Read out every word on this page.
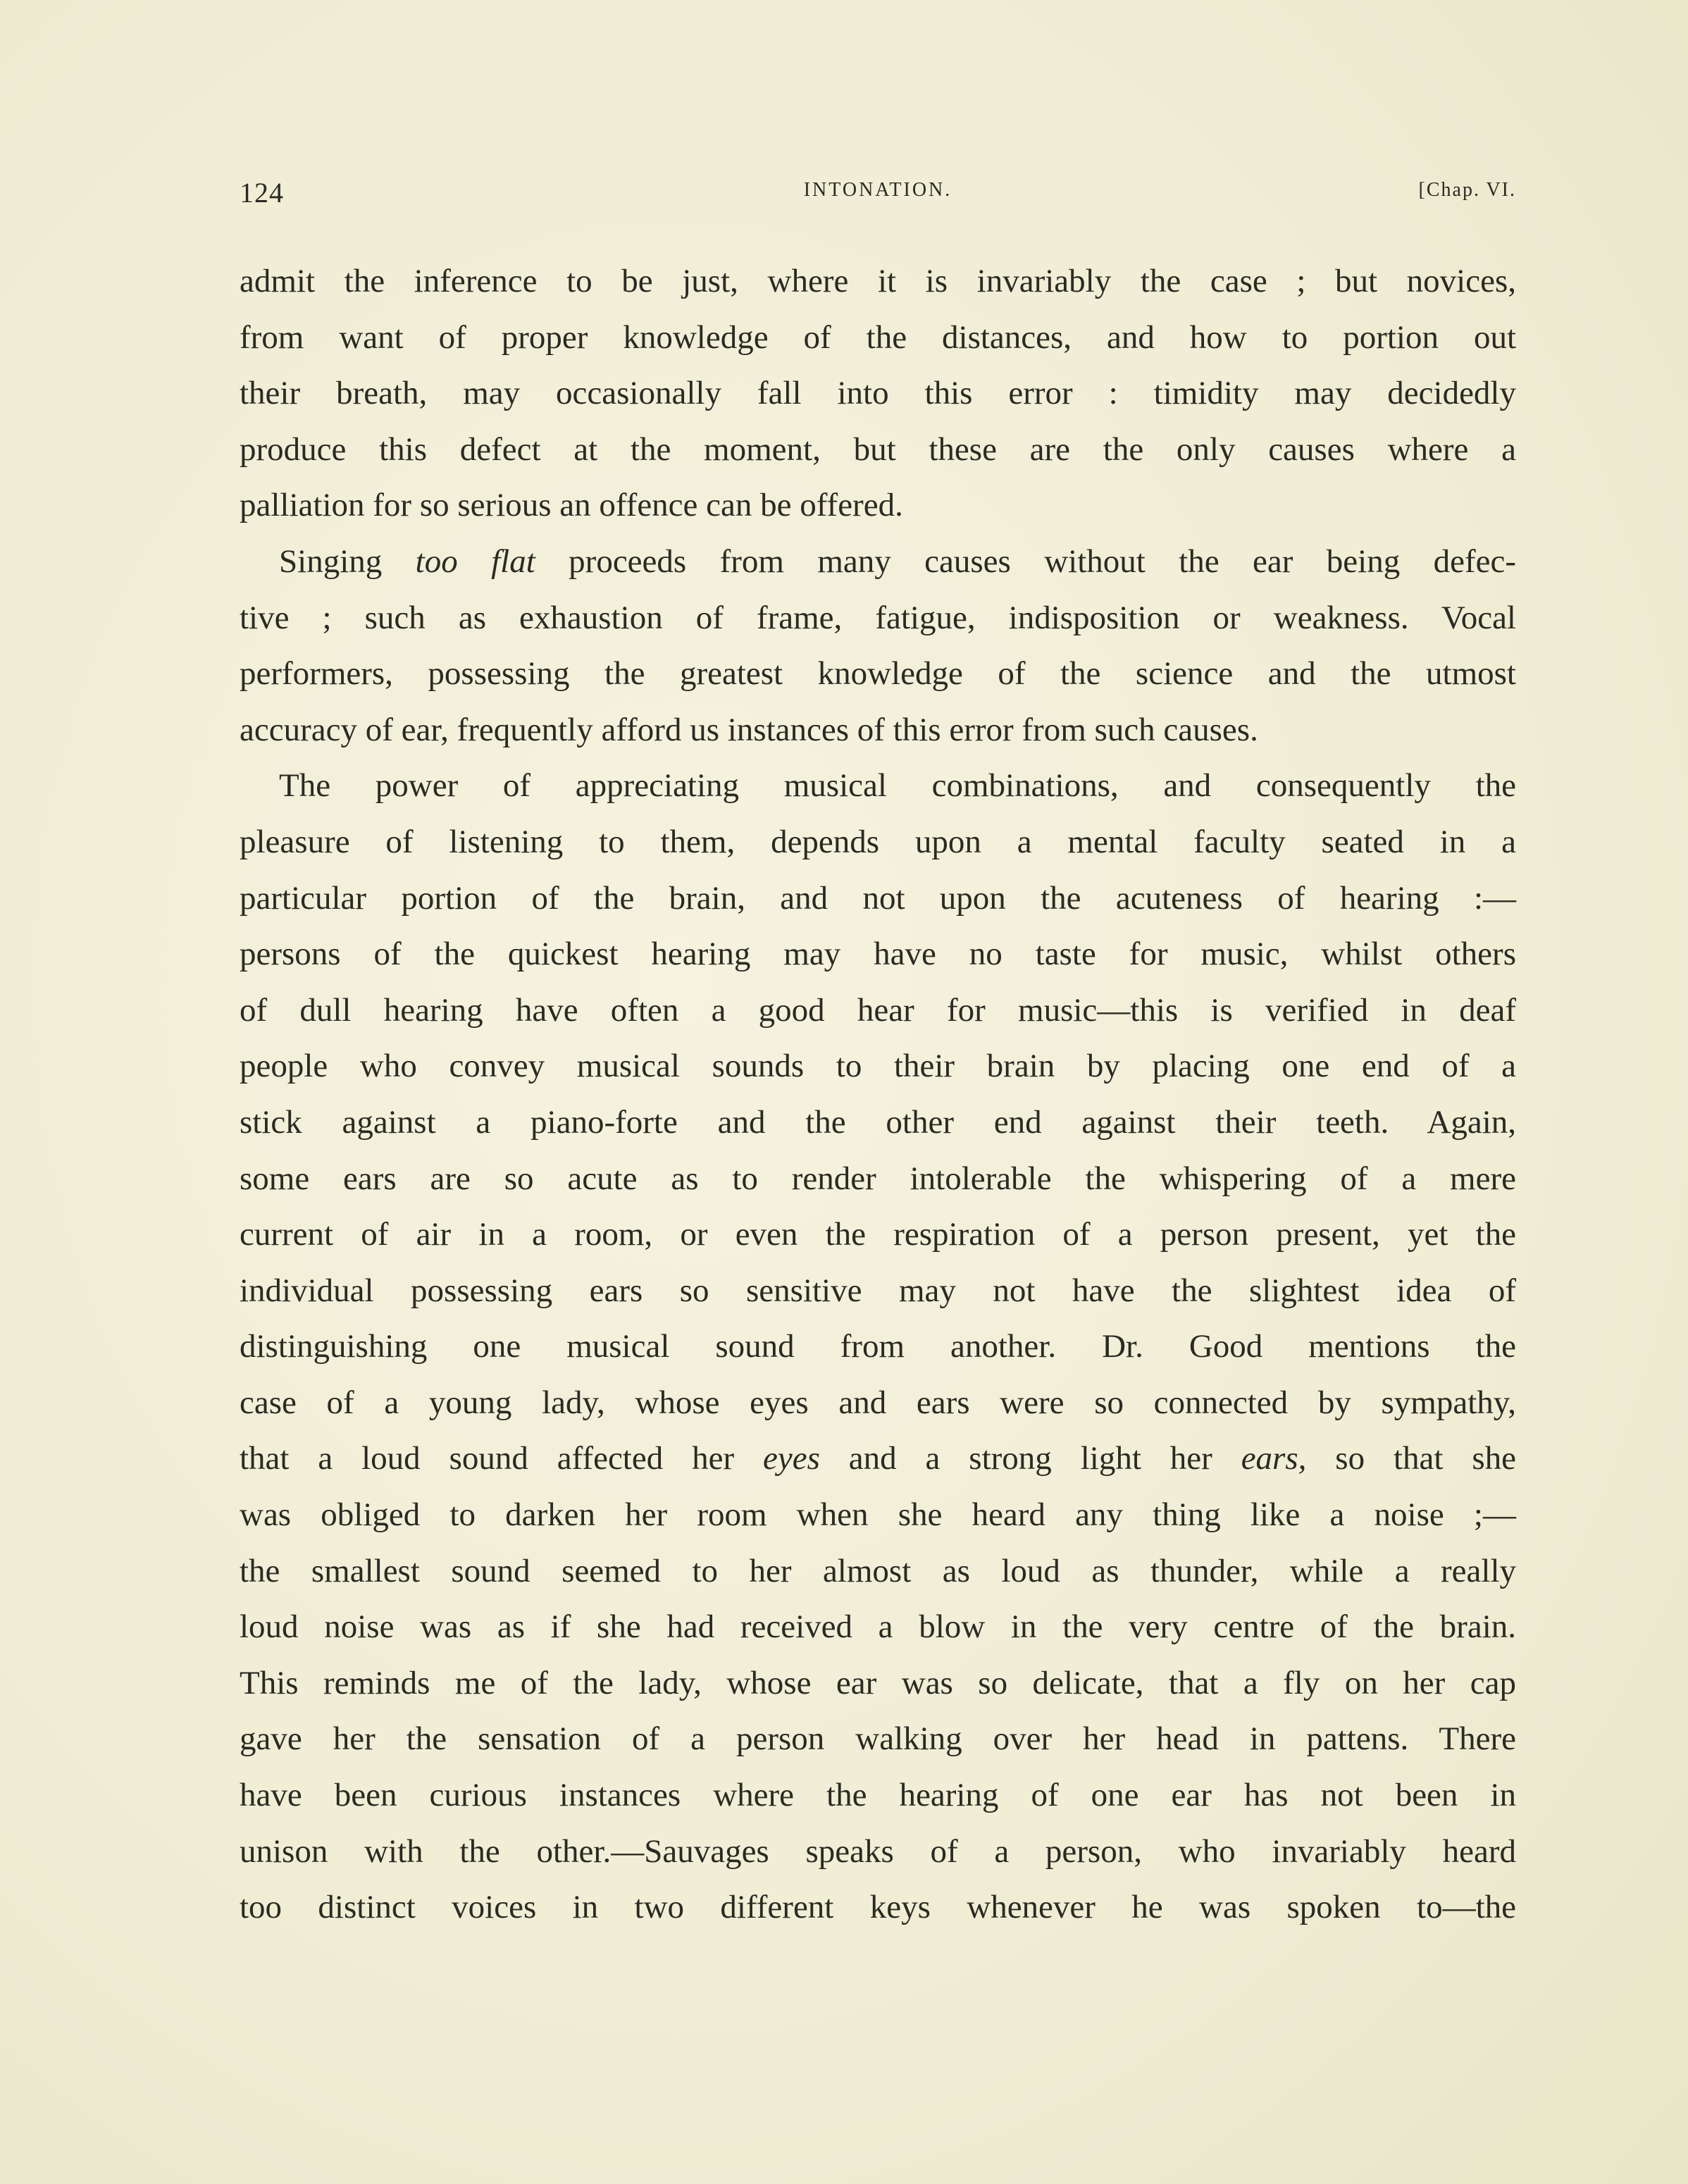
124	INTONATION.	[Chap. VI.
admit the inference to be just, where it is invariably the case ; but novices,
from want of proper knowledge of the distances, and how to portion out
their breath, may occasionally fall into this error : timidity may decidedly
produce this defect at the moment, but these are the only causes where a
palliation for so serious an offence can be offered.
Singing too flat proceeds from many causes without the ear being defec-
tive ; such as exhaustion of frame, fatigue, indisposition or weakness. Vocal
performers, possessing the greatest knowledge of the science and the utmost
accuracy of ear, frequently afford us instances of this error from such causes.
The power of appreciating musical combinations, and consequently the
pleasure of listening to them, depends upon a mental faculty seated in a
particular portion of the brain, and not upon the acuteness of hearing :—
persons of the quickest hearing may have no taste for music, whilst others
of dull hearing have often a good hear for music—this is verified in deaf
people who convey musical sounds to their brain by placing one end of a
stick against a piano-forte and the other end against their teeth. Again,
some ears are so acute as to render intolerable the whispering of a mere
current of air in a room, or even the respiration of a person present, yet the
individual possessing ears so sensitive may not have the slightest idea of
distinguishing one musical sound from another. Dr. Good mentions the
case of a young lady, whose eyes and ears were so connected by sympathy,
that a loud sound affected her eyes and a strong light her ears, so that she
was obliged to darken her room when she heard any thing like a noise ;—
the smallest sound seemed to her almost as loud as thunder, while a really
loud noise was as if she had received a blow in the very centre of the brain.
This reminds me of the lady, whose ear was so delicate, that a fly on her cap
gave her the sensation of a person walking over her head in pattens. There
have been curious instances where the hearing of one ear has not been in
unison with the other.—Sauvages speaks of a person, who invariably heard
too distinct voices in two different keys whenever he was spoken to—the
